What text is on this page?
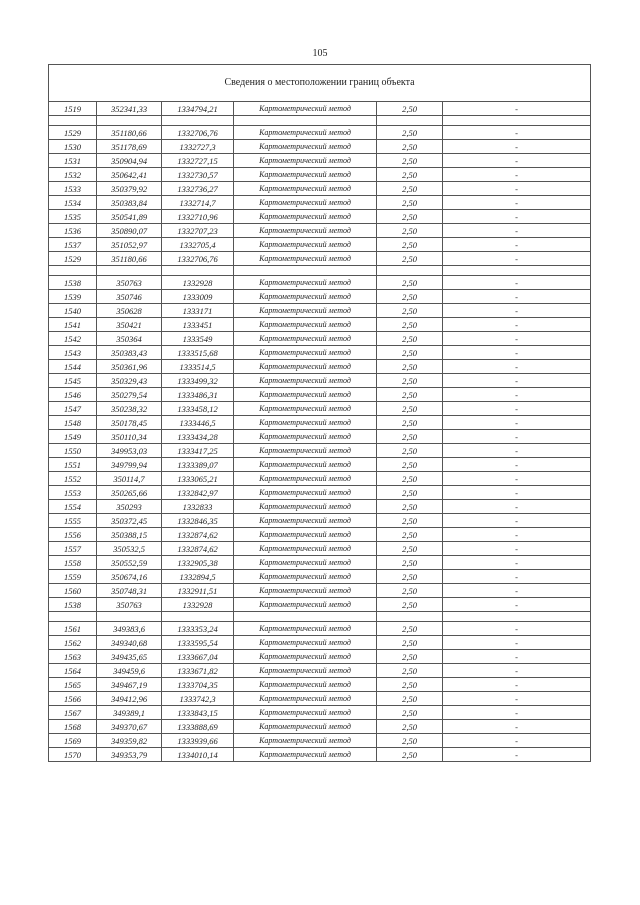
105
Сведения о местоположении границ объекта					
1519	352341,33	1334794,21	Картометрический метод	2,50	-

1529	351180,66	1332706,76	Картометрический метод	2,50	-
1530	351178,69	1332727,3	Картометрический метод	2,50	-
1531	350904,94	1332727,15	Картометрический метод	2,50	-
1532	350642,41	1332730,57	Картометрический метод	2,50	-
1533	350379,92	1332736,27	Картометрический метод	2,50	-
1534	350383,84	1332714,7	Картометрический метод	2,50	-
1535	350541,89	1332710,96	Картометрический метод	2,50	-
1536	350890,07	1332707,23	Картометрический метод	2,50	-
1537	351052,97	1332705,4	Картометрический метод	2,50	-
1529	351180,66	1332706,76	Картометрический метод	2,50	-

1538	350763	1332928	Картометрический метод	2,50	-
1539	350746	1333009	Картометрический метод	2,50	-
1540	350628	1333171	Картометрический метод	2,50	-
1541	350421	1333451	Картометрический метод	2,50	-
1542	350364	1333549	Картометрический метод	2,50	-
1543	350383,43	1333515,68	Картометрический метод	2,50	-
1544	350361,96	1333514,5	Картометрический метод	2,50	-
1545	350329,43	1333499,32	Картометрический метод	2,50	-
1546	350279,54	1333486,31	Картометрический метод	2,50	-
1547	350238,32	1333458,12	Картометрический метод	2,50	-
1548	350178,45	1333446,5	Картометрический метод	2,50	-
1549	350110,34	1333434,28	Картометрический метод	2,50	-
1550	349953,03	1333417,25	Картометрический метод	2,50	-
1551	349799,94	1333389,07	Картометрический метод	2,50	-
1552	350114,7	1333065,21	Картометрический метод	2,50	-
1553	350265,66	1332842,97	Картометрический метод	2,50	-
1554	350293	1332833	Картометрический метод	2,50	-
1555	350372,45	1332846,35	Картометрический метод	2,50	-
1556	350388,15	1332874,62	Картометрический метод	2,50	-
1557	350532,5	1332874,62	Картометрический метод	2,50	-
1558	350552,59	1332905,38	Картометрический метод	2,50	-
1559	350674,16	1332894,5	Картометрический метод	2,50	-
1560	350748,31	1332911,51	Картометрический метод	2,50	-
1538	350763	1332928	Картометрический метод	2,50	-

1561	349383,6	1333353,24	Картометрический метод	2,50	-
1562	349340,68	1333595,54	Картометрический метод	2,50	-
1563	349435,65	1333667,04	Картометрический метод	2,50	-
1564	349459,6	1333671,82	Картометрический метод	2,50	-
1565	349467,19	1333704,35	Картометрический метод	2,50	-
1566	349412,96	1333742,3	Картометрический метод	2,50	-
1567	349389,1	1333843,15	Картометрический метод	2,50	-
1568	349370,67	1333888,69	Картометрический метод	2,50	-
1569	349359,82	1333939,66	Картометрический метод	2,50	-
1570	349353,79	1334010,14	Картометрический метод	2,50	-
